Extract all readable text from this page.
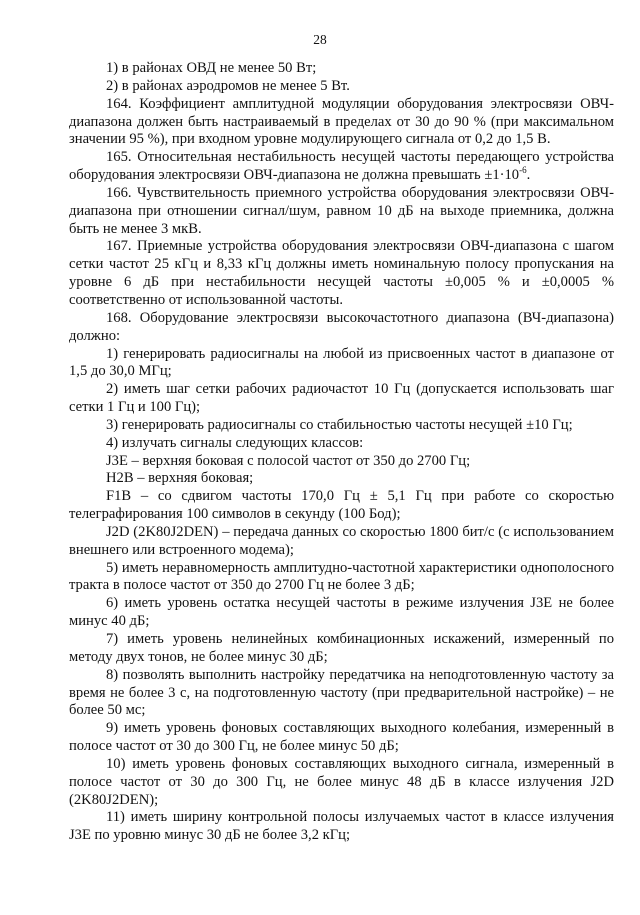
28

1) в районах ОВД не менее 50 Вт;

2) в районах аэродромов не менее 5 Вт.

164. Коэффициент амплитудной модуляции оборудования электросвязи ОВЧ-диапазона должен быть настраиваемый в пределах от 30 до 90 % (при максимальном значении 95 %), при входном уровне модулирующего сигнала от 0,2 до 1,5 В.

165. Относительная нестабильность несущей частоты передающего устройства оборудования электросвязи ОВЧ-диапазона не должна превышать $\pm 1\cdot 10^{-6}$.

166. Чувствительность приемного устройства оборудования электросвязи ОВЧ-диапазона при отношении сигнал/шум, равном 10 дБ на выходе приемника, должна быть не менее 3 мкВ.

167. Приемные устройства оборудования электросвязи ОВЧ-диапазона с шагом сетки частот 25 кГц и 8,33 кГц должны иметь номинальную полосу пропускания на уровне 6 дБ при нестабильности несущей частоты ±0,005 % и ±0,0005 % соответственно от использованной частоты.

168. Оборудование электросвязи высокочастотного диапазона (ВЧ-диапазона) должно:

1) генерировать радиосигналы на любой из присвоенных частот в диапазоне от 1,5 до 30,0 МГц;

2) иметь шаг сетки рабочих радиочастот 10 Гц (допускается использовать шаг сетки 1 Гц и 100 Гц);

3) генерировать радиосигналы со стабильностью частоты несущей ±10 Гц;

4) излучать сигналы следующих классов:

J3E – верхняя боковая с полосой частот от 350 до 2700 Гц;

H2B – верхняя боковая;

F1B – со сдвигом частоты 170,0 Гц ± 5,1 Гц при работе со скоростью телеграфирования 100 символов в секунду (100 Бод);

J2D (2K80J2DEN) – передача данных со скоростью 1800 бит/с (с использованием внешнего или встроенного модема);

5) иметь неравномерность амплитудно-частотной характеристики однополосного тракта в полосе частот от 350 до 2700 Гц не более 3 дБ;

6) иметь уровень остатка несущей частоты в режиме излучения J3E не более минус 40 дБ;

7) иметь уровень нелинейных комбинационных искажений, измеренный по методу двух тонов, не более минус 30 дБ;

8) позволять выполнить настройку передатчика на неподготовленную частоту за время не более 3 с, на подготовленную частоту (при предварительной настройке) – не более 50 мс;

9) иметь уровень фоновых составляющих выходного колебания, измеренный в полосе частот от 30 до 300 Гц, не более минус 50 дБ;

10) иметь уровень фоновых составляющих выходного сигнала, измеренный в полосе частот от 30 до 300 Гц, не более минус 48 дБ в классе излучения J2D (2K80J2DEN);

11) иметь ширину контрольной полосы излучаемых частот в классе излучения J3E по уровню минус 30 дБ не более 3,2 кГц;
